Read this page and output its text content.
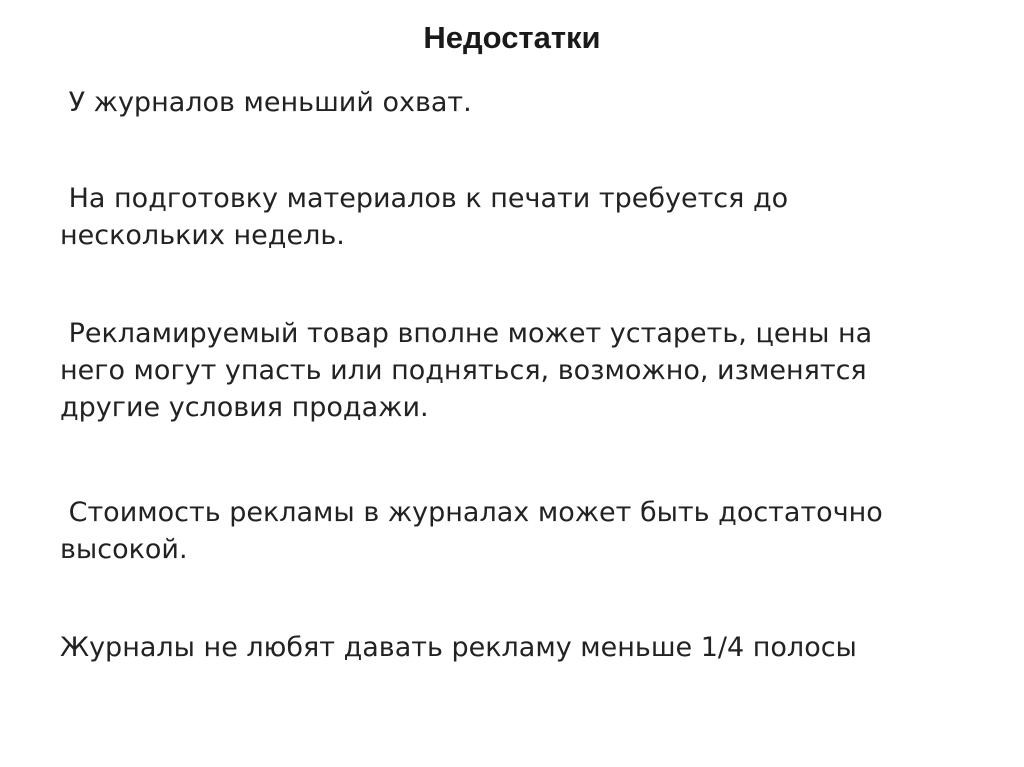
Недостатки

У журналов меньший охват.

На подготовку материалов к печати требуется до нескольких недель.

Рекламируемый товар вполне может устареть, цены на него могут упасть или подняться, возможно, изменятся другие условия продажи.

Стоимость рекламы в журналах может быть достаточно высокой.

Журналы не любят давать рекламу меньше 1/4 полосы
